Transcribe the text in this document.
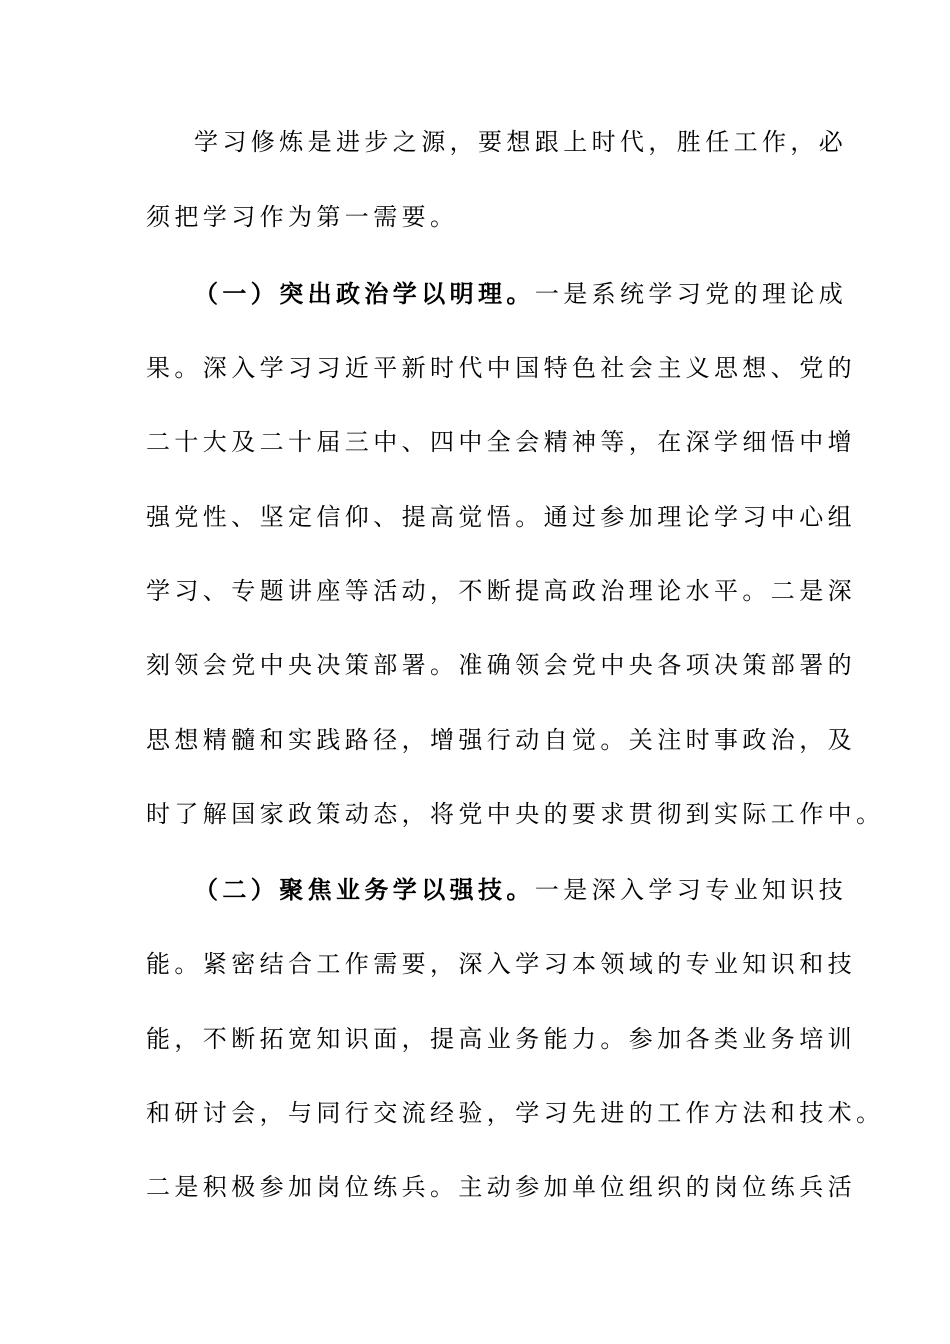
学习修炼是进步之源，要想跟上时代，胜任工作，必
须把学习作为第一需要。
（一）突出政治学以明理。一是系统学习党的理论成
果。深入学习习近平新时代中国特色社会主义思想、党的
二十大及二十届三中、四中全会精神等，在深学细悟中增
强党性、坚定信仰、提高觉悟。通过参加理论学习中心组
学习、专题讲座等活动，不断提高政治理论水平。二是深
刻领会党中央决策部署。准确领会党中央各项决策部署的
思想精髓和实践路径，增强行动自觉。关注时事政治，及
时了解国家政策动态，将党中央的要求贯彻到实际工作中。
（二）聚焦业务学以强技。一是深入学习专业知识技
能。紧密结合工作需要，深入学习本领域的专业知识和技
能，不断拓宽知识面，提高业务能力。参加各类业务培训
和研讨会，与同行交流经验，学习先进的工作方法和技术。
二是积极参加岗位练兵。主动参加单位组织的岗位练兵活
